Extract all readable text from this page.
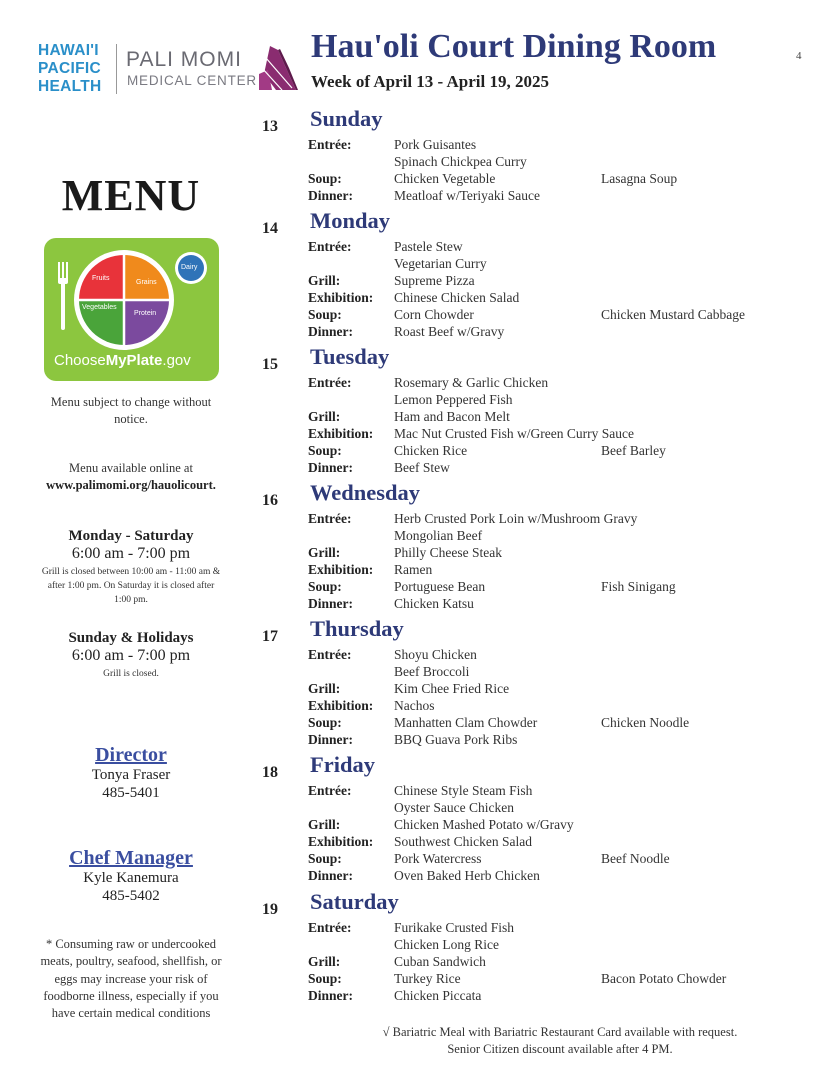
HAWAI'I
PACIFIC
HEALTH
PALI MOMI
MEDICAL CENTER
Hau'oli Court Dining Room
Week of April 13 - April 19, 2025
4
MENU
Fruits
Grains
Vegetables
Protein
Dairy
ChooseMyPlate.gov
Menu subject to change without
notice.
Menu available online at
www.palimomi.org/hauolicourt.
Monday - Saturday
6:00 am - 7:00 pm
Grill is closed between 10:00 am - 11:00 am &
after 1:00 pm. On Saturday it is closed after
1:00 pm.
Sunday & Holidays
6:00 am - 7:00 pm
Grill is closed.
Director
Tonya Fraser
485-5401
Chef Manager
Kyle Kanemura
485-5402
* Consuming raw or undercooked
meats, poultry, seafood, shellfish, or
eggs may increase your risk of
foodborne illness, especially if you
have certain medical conditions
13	Sunday
Entrée:	Pork Guisantes
Spinach Chickpea Curry
Soup:	Chicken Vegetable	Lasagna Soup
Dinner:	Meatloaf w/Teriyaki Sauce
14	Monday
Entrée:	Pastele Stew
Vegetarian Curry
Grill:	Supreme Pizza
Exhibition: Chinese Chicken Salad
Soup:	Corn Chowder	Chicken Mustard Cabbage
Dinner:	Roast Beef w/Gravy
15	Tuesday
Entrée:	Rosemary & Garlic Chicken
Lemon Peppered Fish
Grill:	Ham and Bacon Melt
Exhibition: Mac Nut Crusted Fish w/Green Curry Sauce
Soup:	Chicken Rice	Beef Barley
Dinner:	Beef Stew
16	Wednesday
Entrée:	Herb Crusted Pork Loin w/Mushroom Gravy
Mongolian Beef
Grill:	Philly Cheese Steak
Exhibition: Ramen
Soup:	Portuguese Bean	Fish Sinigang
Dinner:	Chicken Katsu
17	Thursday
Entrée:	Shoyu Chicken
Beef Broccoli
Grill:	Kim Chee Fried Rice
Exhibition: Nachos
Soup:	Manhatten Clam Chowder	Chicken Noodle
Dinner:	BBQ Guava Pork Ribs
18	Friday
Entrée:	Chinese Style Steam Fish
Oyster Sauce Chicken
Grill:	Chicken Mashed Potato w/Gravy
Exhibition: Southwest Chicken Salad
Soup:	Pork Watercress	Beef Noodle
Dinner:	Oven Baked Herb Chicken
19	Saturday
Entrée:	Furikake Crusted Fish
Chicken Long Rice
Grill:	Cuban Sandwich
Soup:	Turkey Rice	Bacon Potato Chowder
Dinner:	Chicken Piccata
√ Bariatric Meal with Bariatric Restaurant Card available with request.
Senior Citizen discount available after 4 PM.
